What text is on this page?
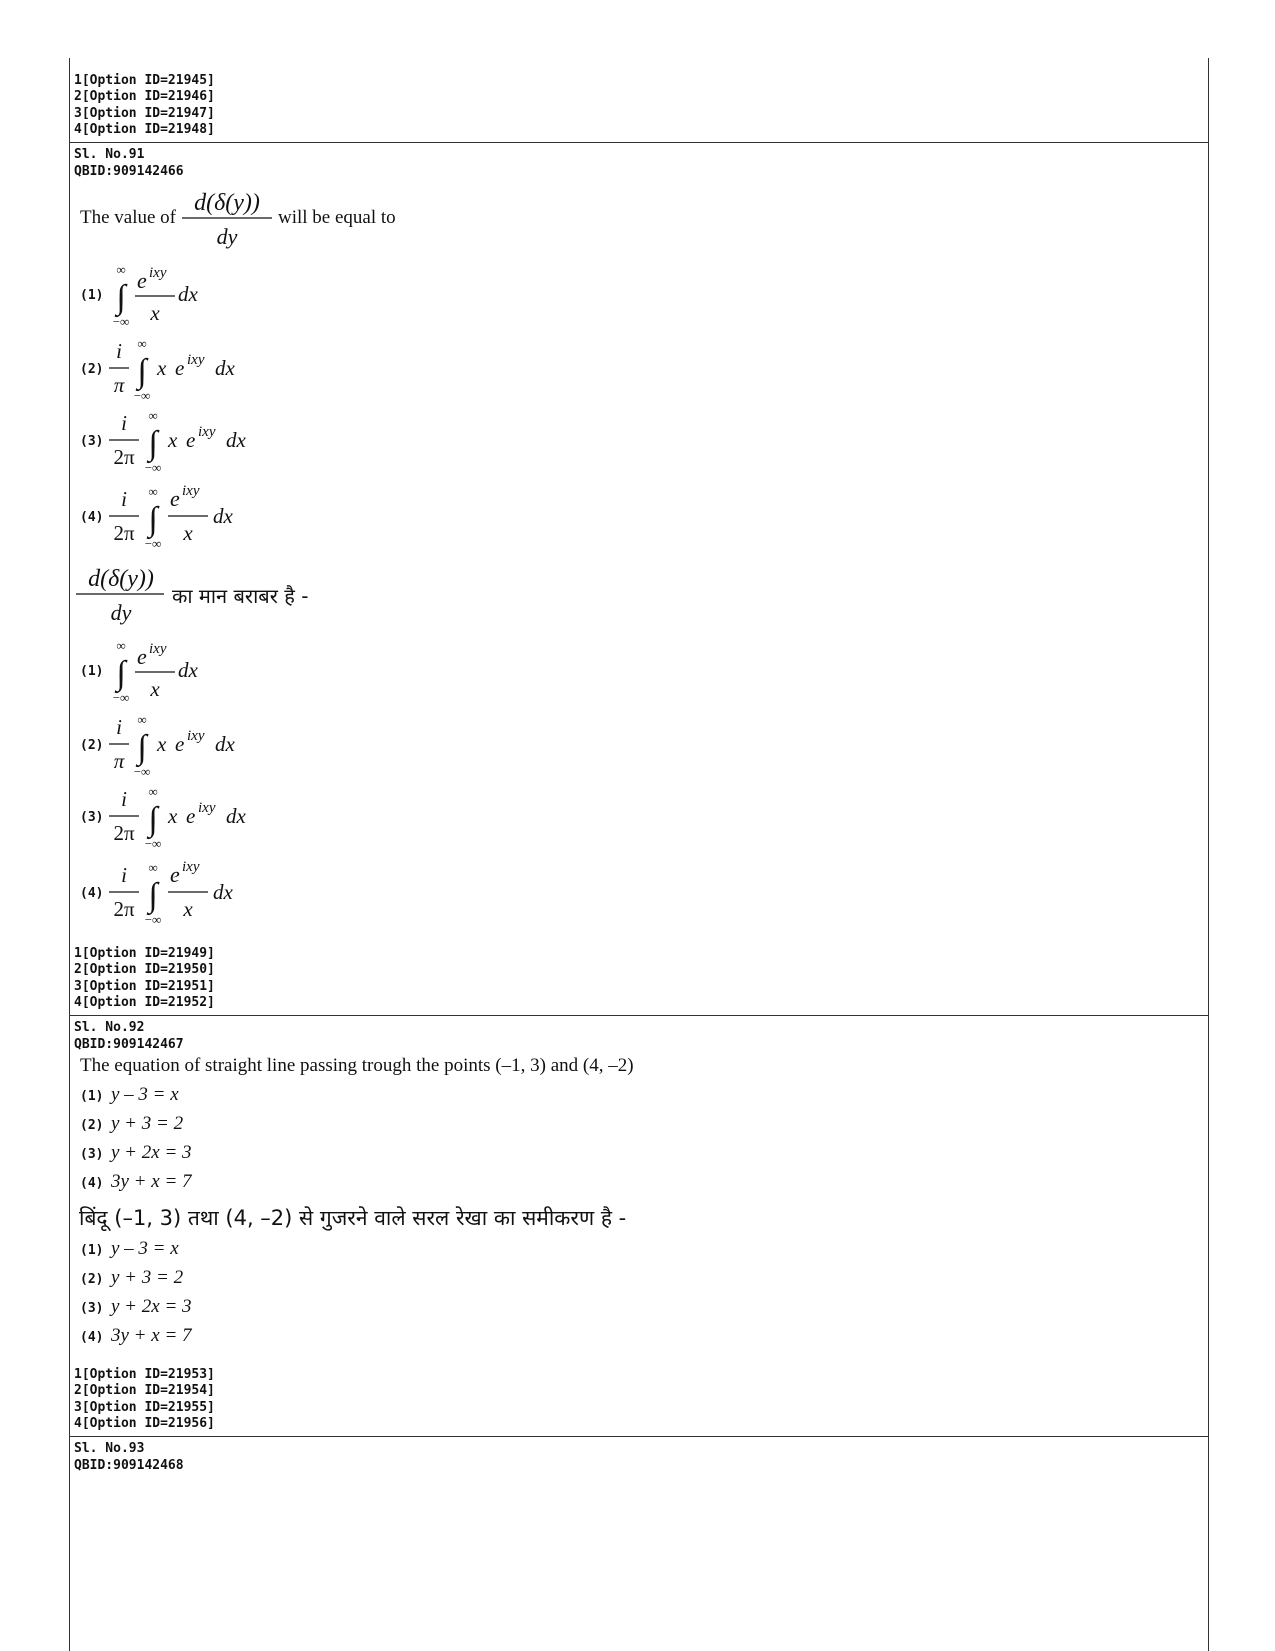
1[Option ID=21945]
2[Option ID=21946]
3[Option ID=21947]
4[Option ID=21948]
Sl. No.91
QBID:909142466
The value of
d(δ(y))
dy
will be equal to
(1)
∞
∫
−∞
e ixy
x
dx
(2)
i
π
∞
∫
−∞
x e ixy dx
(3)
i
2π
∞
∫
−∞
x e ixy dx
(4)
i
2π
∞
∫
−∞
e ixy
x
dx
d(δ(y))
dy
का मान बराबर है -
(1)
∞
∫
−∞
e ixy
x
dx
(2)
i
π
∞
∫
−∞
x e ixy dx
(3)
i
2π
∞
∫
−∞
x e ixy dx
(4)
i
2π
∞
∫
−∞
e ixy
x
dx
1[Option ID=21949]
2[Option ID=21950]
3[Option ID=21951]
4[Option ID=21952]
Sl. No.92
QBID:909142467
The equation of straight line passing trough the points (–1, 3) and (4, –2)
(1) y – 3 = x
(2) y + 3 = 2
(3) y + 2x = 3
(4) 3y + x = 7
बिंदू (–1, 3) तथा (4, –2) से गुजरने वाले सरल रेखा का समीकरण है -
(1) y – 3 = x
(2) y + 3 = 2
(3) y + 2x = 3
(4) 3y + x = 7
1[Option ID=21953]
2[Option ID=21954]
3[Option ID=21955]
4[Option ID=21956]
Sl. No.93
QBID:909142468
